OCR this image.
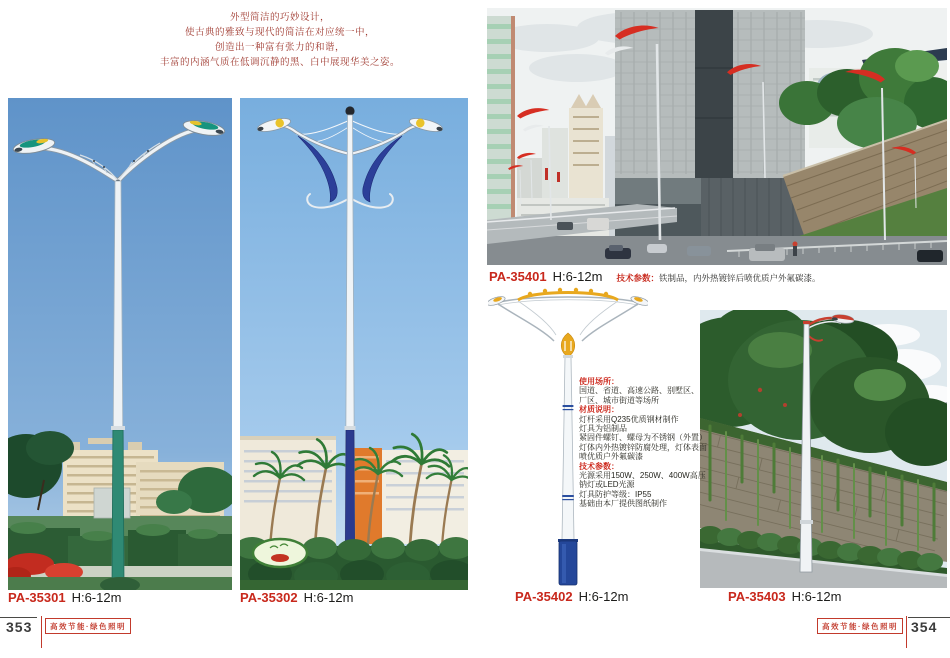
外型简洁的巧妙设计，
使古典的雅致与现代的简洁在对应统一中，
创造出一种富有张力的和谐，
丰富的内涵气质在低调沉静的黑、白中展现华美之姿。
使用场所：
国道、省道、高速公路、别墅区、
厂区、城市街道等场所
材质说明：
灯杆采用Q235优质钢材制作
灯具为铝制品
紧固件螺钉、螺母为不锈钢（外置）
灯体内外热镀锌防腐处理，灯体表面
喷优质户外氟碳漆
技术参数：
光源采用150W、250W、400W高压
钠灯或LED光源
灯具防护等级：IP55
基础由本厂提供图纸制作
PA-35301 H:6-12m	PA-35302 H:6-12m
PA-35401 H:6-12m 技术参数：铁制品，内外热镀锌后喷优质户外氟碳漆。
PA-35402 H:6-12m	PA-35403 H:6-12m
353	高效节能·绿色照明	高效节能·绿色照明 354
